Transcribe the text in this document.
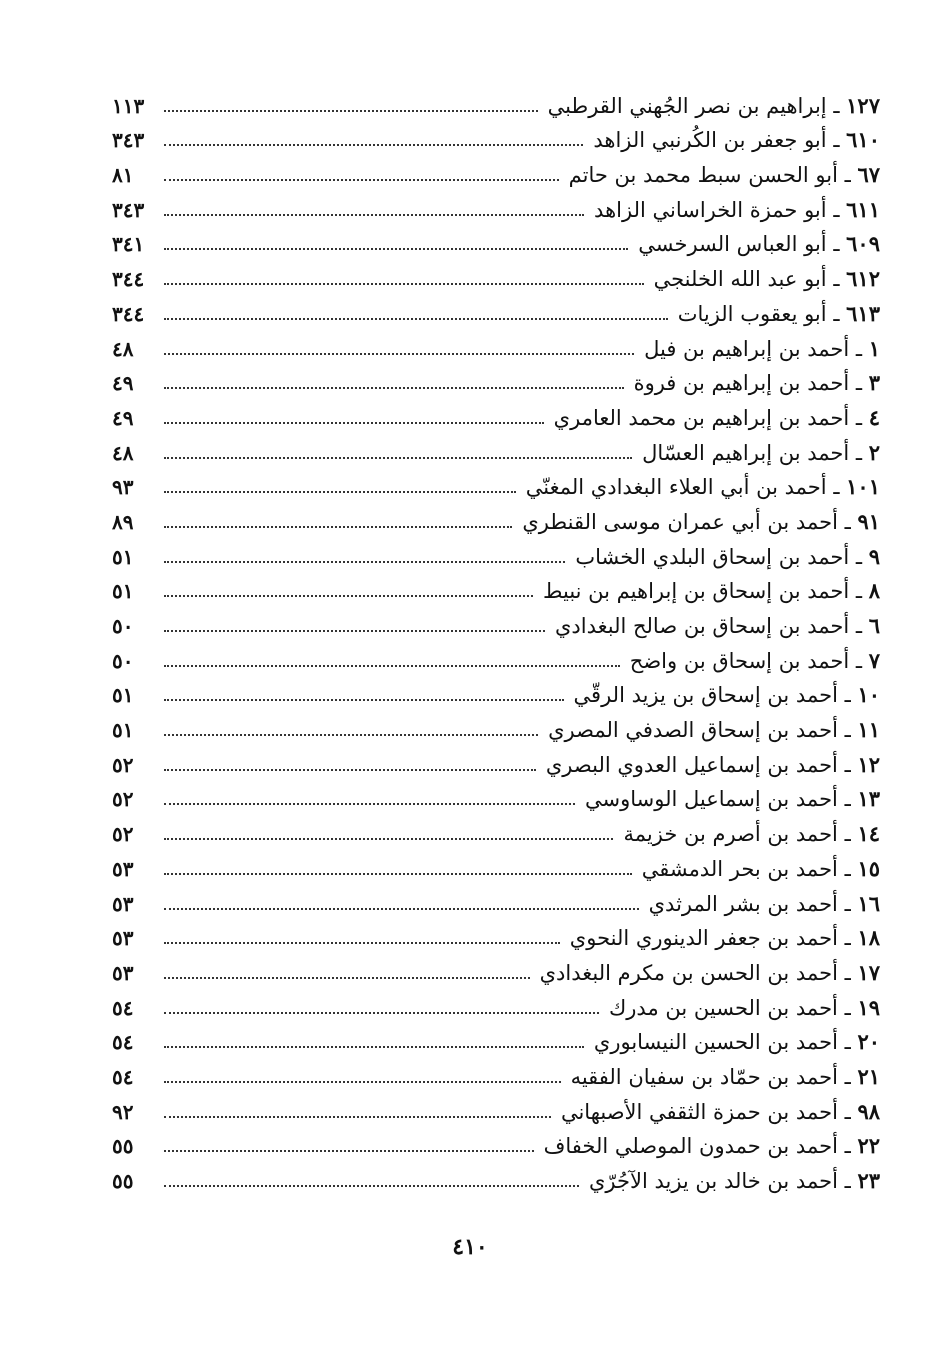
١١٣	١٢٧ ـ إبراهيم بن نصر الجُهني القرطبي
٣٤٣	٦١٠ ـ أبو جعفر بن الكُرنبي الزاهد
٨١	٦٧ ـ أبو الحسن سبط محمد بن حاتم
٣٤٣	٦١١ ـ أبو حمزة الخراساني الزاهد
٣٤١	٦٠٩ ـ أبو العباس السرخسي
٣٤٤	٦١٢ ـ أبو عبد الله الخلنجي
٣٤٤	٦١٣ ـ أبو يعقوب الزيات
٤٨	١ ـ أحمد بن إبراهيم بن فيل
٤٩	٣ ـ أحمد بن إبراهيم بن فروة
٤٩	٤ ـ أحمد بن إبراهيم بن محمد العامري
٤٨	٢ ـ أحمد بن إبراهيم العسّال
٩٣	١٠١ ـ أحمد بن أبي العلاء البغدادي المغنّي
٨٩	٩١ ـ أحمد بن أبي عمران موسى القنطري
٥١	٩ ـ أحمد بن إسحاق البلدي الخشاب
٥١	٨ ـ أحمد بن إسحاق بن إبراهيم بن نبيط
٥٠	٦ ـ أحمد بن إسحاق بن صالح البغدادي
٥٠	٧ ـ أحمد بن إسحاق بن واضح
٥١	١٠ ـ أحمد بن إسحاق بن يزيد الرقّي
٥١	١١ ـ أحمد بن إسحاق الصدفي المصري
٥٢	١٢ ـ أحمد بن إسماعيل العدوي البصري
٥٢	١٣ ـ أحمد بن إسماعيل الوساوسي
٥٢	١٤ ـ أحمد بن أصرم بن خزيمة
٥٣	١٥ ـ أحمد بن بحر الدمشقي
٥٣	١٦ ـ أحمد بن بشر المرثدي
٥٣	١٨ ـ أحمد بن جعفر الدينوري النحوي
٥٣	١٧ ـ أحمد بن الحسن بن مكرم البغدادي
٥٤	١٩ ـ أحمد بن الحسين بن مدرك
٥٤	٢٠ ـ أحمد بن الحسين النيسابوري
٥٤	٢١ ـ أحمد بن حمّاد بن سفيان الفقيه
٩٢	٩٨ ـ أحمد بن حمزة الثقفي الأصبهاني
٥٥	٢٢ ـ أحمد بن حمدون الموصلي الخفاف
٥٥	٢٣ ـ أحمد بن خالد بن يزيد الآجُرّي
٤١٠
